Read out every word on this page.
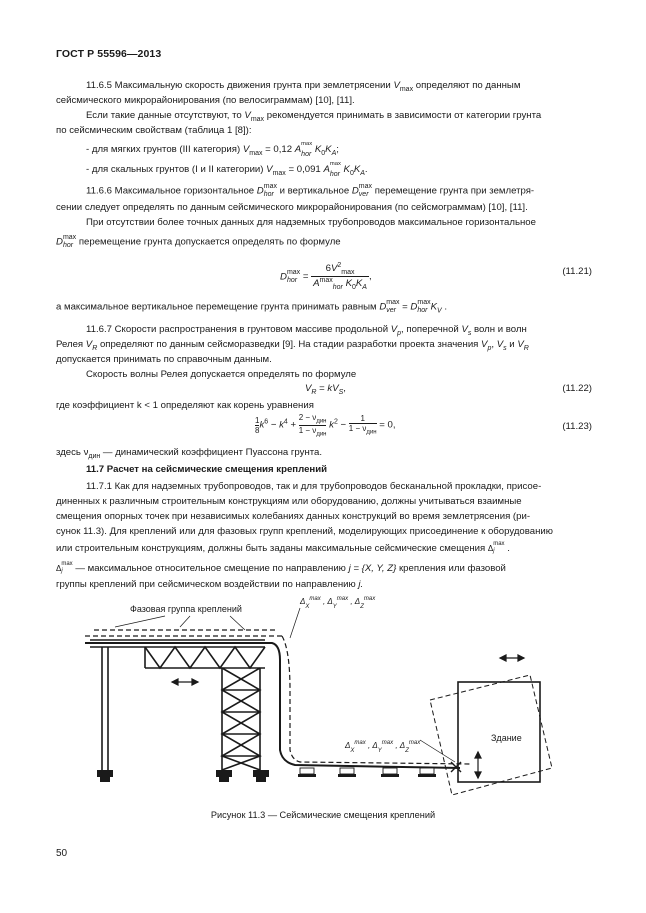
ГОСТ Р 55596—2013
11.6.5 Максимальную скорость движения грунта при землетрясении $V_{max}$ определяют по данным
сейсмического микрорайонирования (по велосиграммам) [10], [11].
Если такие данные отсутствуют, то $V_{max}$ рекомендуется принимать в зависимости от категории грунта
по сейсмическим свойствам (таблица 1 [8]):
- для мягких грунтов (III категория) $V_{max} = 0,12$ $A^{max}$
hor $K_0K_A$;
- для скальных грунтов (I и II категории) $V_{max} = 0,091$ $A^{max}$
hor $K_0K_A$.
11.6.6 Максимальное горизонтальное Dmax
hor и вертикальное Dmax
ver перемещение грунта при землетря-
сении следует определять по данным сейсмического микрорайонирования (по сейсмограммам) [10], [11].
При отсутствии более точных данных для надземных трубопроводов максимальное горизонтальное
Dmax
hor перемещение грунта допускается определять по формуле
Dmax
hor =
$6V^2_{max}$
$A^{max}_{hor}$ $K_0K_A$
,	(11.21)
а максимальное вертикальное перемещение грунта принимать равным Dmax
ver = Dmax
hor $K_V$ .
11.6.7 Скорости распространения в грунтовом массиве продольной $V_p$, поперечной $V_s$ волн и волн
Релея $V_R$ определяют по данным сейсморазведки [9]. На стадии разработки проекта значения $V_p$, $V_s$ и $V_R$
допускается принимать по справочным данным.
Скорость волны Релея допускается определять по формуле
$V_R = kV_S$,	(11.22)
где коэффициент k < 1 определяют как корень уравнения
$\frac{1}{8} k^6 - k^4$ +
$2 - \nu_{дин}$
$1 - \nu_{дин}$
$k^2$ −
1
$1 - \nu_{дин}$
= 0,	(11.23)
здесь $\nu_{дин}$ — динамический коэффициент Пуассона грунта.
11.7 Расчет на сейсмические смещения креплений
11.7.1 Как для надземных трубопроводов, так и для трубопроводов бесканальной прокладки, присое-
диненных к различным строительным конструкциям или оборудованию, должны учитываться взаимные
смещения опорных точек при независимых колебаниях данных конструкций во время землетрясения (ри-
сунок 11.3). Для креплений или для фазовых групп креплений, моделирующих присоединение к оборудованию
или строительным конструкциям, должны быть заданы максимальные сейсмические смещения Δmax
j .
Δmax
j — максимальное относительное смещение по направлению j = {X, Y, Z} крепления или фазовой
группы креплений при сейсмическом воздействии по направлению j.
Фазовая группа креплений
$\Delta_X^{max}$ , $\Delta_Y^{max}$ , $\Delta_Z^{max}$
Здание
$\Delta_X^{max}$ , $\Delta_Y^{max}$ , $\Delta_Z^{max}$
Рисунок 11.3 — Сейсмические смещения креплений
50
